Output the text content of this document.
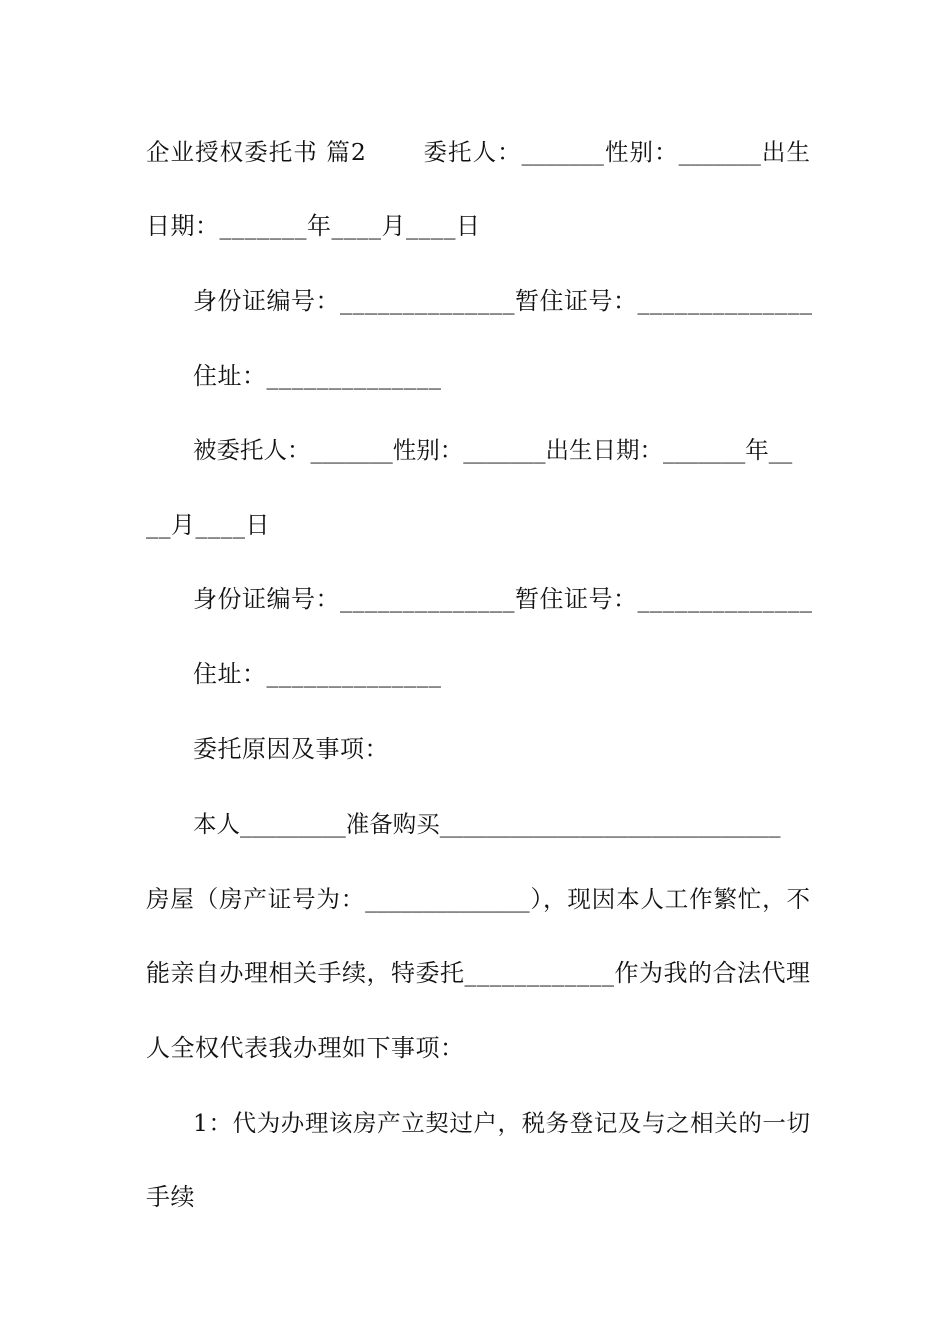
企业授权委托书 篇2 　　委托人：_______性别：_______出生
日期：_______年____月____日
身份证编号：______________暂住证号：______________
住址：______________
被委托人：_______性别：_______出生日期：_______年__
__月____日
身份证编号：______________暂住证号：______________
住址：______________
委托原因及事项：
本人_________准备购买_____________________________
房屋（房产证号为：______________），现因本人工作繁忙，不
能亲自办理相关手续，特委托____________作为我的合法代理
人全权代表我办理如下事项：
1：代为办理该房产立契过户，税务登记及与之相关的一切
手续
